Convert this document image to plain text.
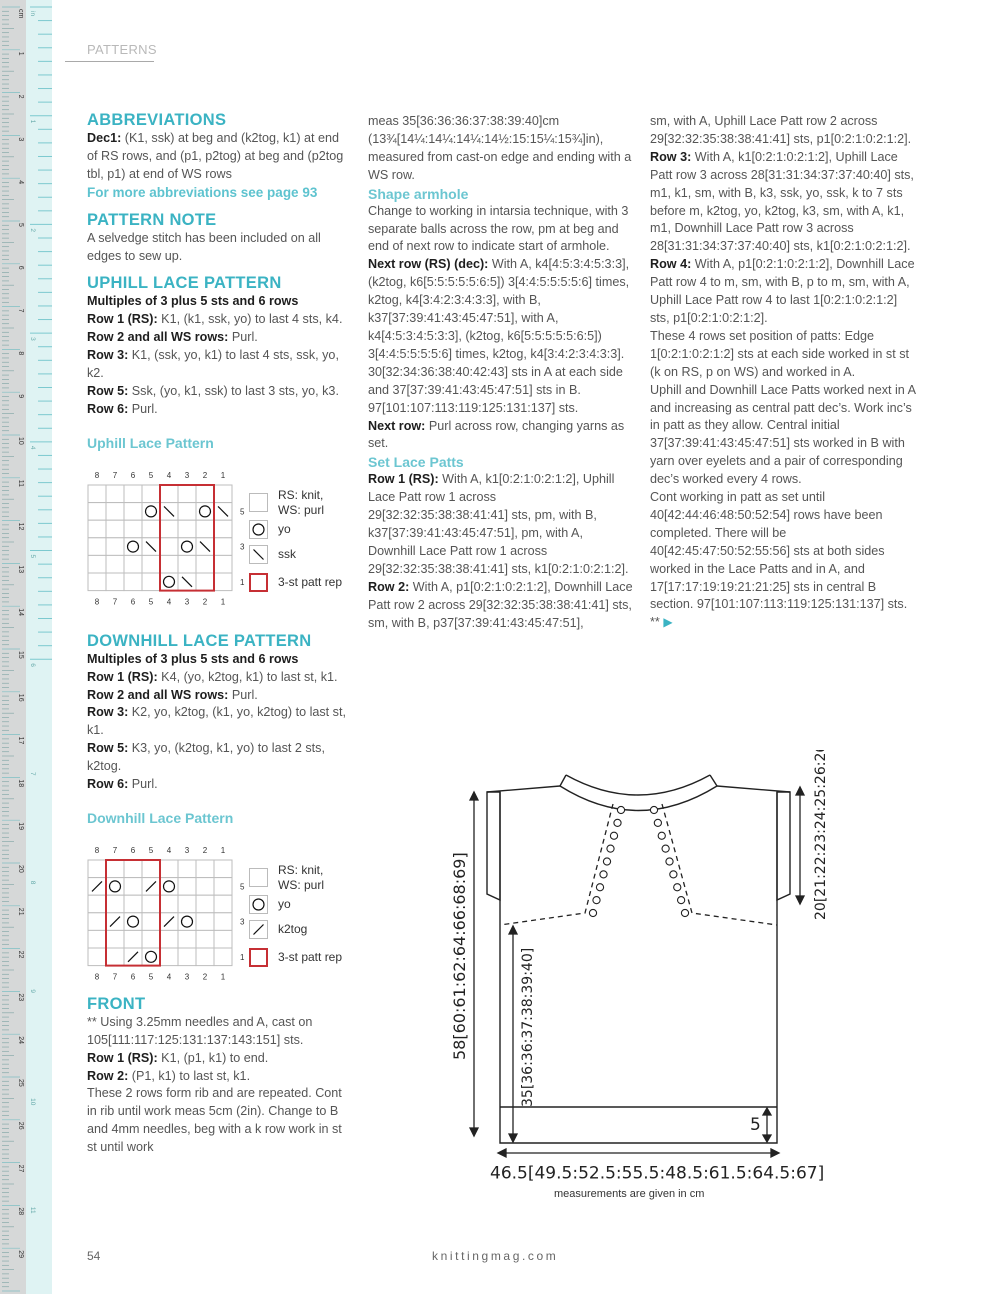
cm
1
2
3
4
5
6
7
8
9
10
11
12
13
14
15
16
17
18
19
20
21
22
23
24
25
26
27
28
29
in
1
2
3
4
5
6
7
8
9
10
11
PATTERNS
ABBREVIATIONS
Dec1: (K1, ssk) at beg and (k2tog, k1) at end of RS rows, and (p1, p2tog) at beg and (p2tog tbl, p1) at end of WS rows
For more abbreviations see page 93
PATTERN NOTE
A selvedge stitch has been included on all edges to sew up.
UPHILL LACE PATTERN
Multiples of 3 plus 5 sts and 6 rows
Row 1 (RS): K1, (k1, ssk, yo) to last 4 sts, k4.
Row 2 and all WS rows: Purl.
Row 3: K1, (ssk, yo, k1) to last 4 sts, ssk, yo, k2.
Row 5: Ssk, (yo, k1, ssk) to last 3 sts, yo, k3.
Row 6: Purl.
Uphill Lace Pattern
8
8
7
7
6
6
5
5
4
4
3
3
2
2
1
1
1
3
5
RS: knit,
WS: purl
yo
ssk
3-st patt rep
DOWNHILL LACE PATTERN
Multiples of 3 plus 5 sts and 6 rows
Row 1 (RS): K4, (yo, k2tog, k1) to last st, k1.
Row 2 and all WS rows: Purl.
Row 3: K2, yo, k2tog, (k1, yo, k2tog) to last st, k1.
Row 5: K3, yo, (k2tog, k1, yo) to last 2 sts, k2tog.
Row 6: Purl.
Downhill Lace Pattern
8
8
7
7
6
6
5
5
4
4
3
3
2
2
1
1
1
3
5
RS: knit,
WS: purl
yo
k2tog
3-st patt rep
FRONT
** Using 3.25mm needles and A, cast on 105[111:117:125:131:137:143:151] sts.
Row 1 (RS): K1, (p1, k1) to end.
Row 2: (P1, k1) to last st, k1.
These 2 rows form rib and are repeated. Cont in rib until work meas 5cm (2in). Change to B and 4mm needles, beg with a k row work in st st until work
meas 35[36:36:36:37:38:39:40]cm (13¾[14¼:14¼:14¼:14½:15:15¼:15¾]in), measured from cast-on edge and ending with a WS row.
Shape armhole
Change to working in intarsia technique, with 3 separate balls across the row, pm at beg and end of next row to indicate start of armhole.
Next row (RS) (dec): With A, k4[4:5:3:4:5:3:3], (k2tog, k6[5:5:5:5:5:6:5]) 3[4:4:5:5:5:5:6] times, k2tog, k4[3:4:2:3:4:3:3], with B, k37[37:39:41:43:45:47:51], with A, k4[4:5:3:4:5:3:3], (k2tog, k6[5:5:5:5:5:6:5]) 3[4:4:5:5:5:5:6] times, k2tog, k4[3:4:2:3:4:3:3]. 30[32:34:36:38:40:42:43] sts in A at each side and 37[37:39:41:43:45:47:51] sts in B. 97[101:107:113:119:125:131:137] sts.
Next row: Purl across row, changing yarns as set.
Set Lace Patts
Row 1 (RS): With A, k1[0:2:1:0:2:1:2], Uphill Lace Patt row 1 across 29[32:32:35:38:38:41:41] sts, pm, with B, k37[37:39:41:43:45:47:51], pm, with A, Downhill Lace Patt row 1 across 29[32:32:35:38:38:41:41] sts, k1[0:2:1:0:2:1:2].
Row 2: With A, p1[0:2:1:0:2:1:2], Downhill Lace Patt row 2 across 29[32:32:35:38:38:41:41] sts, sm, with B, p37[37:39:41:43:45:47:51],
sm, with A, Uphill Lace Patt row 2 across 29[32:32:35:38:38:41:41] sts, p1[0:2:1:0:2:1:2].
Row 3: With A, k1[0:2:1:0:2:1:2], Uphill Lace Patt row 3 across 28[31:31:34:37:37:40:40] sts, m1, k1, sm, with B, k3, ssk, yo, ssk, k to 7 sts before m, k2tog, yo, k2tog, k3, sm, with A, k1, m1, Downhill Lace Patt row 3 across 28[31:31:34:37:37:40:40] sts, k1[0:2:1:0:2:1:2].
Row 4: With A, p1[0:2:1:0:2:1:2], Downhill Lace Patt row 4 to m, sm, with B, p to m, sm, with A, Uphill Lace Patt row 4 to last 1[0:2:1:0:2:1:2] sts, p1[0:2:1:0:2:1:2].
These 4 rows set position of patts: Edge 1[0:2:1:0:2:1:2] sts at each side worked in st st (k on RS, p on WS) and worked in A.
Uphill and Downhill Lace Patts worked next in A and increasing as central patt dec’s. Work inc’s in patt as they allow. Central initial 37[37:39:41:43:45:47:51] sts worked in B with yarn over eyelets and a pair of corresponding dec’s worked every 4 rows.
Cont working in patt as set until 40[42:44:46:48:50:52:54] rows have been completed. There will be 40[42:45:47:50:52:55:56] sts at both sides worked in the Lace Patts and in A, and 17[17:17:19:19:21:21:25] sts in central B section. 97[101:107:113:119:125:131:137] sts. ** ▶
58[60:61:62:64:66:68:69]	35[36:36:37:38:39:40]
20[21:22:23:24:25:26:26]
5
46.5[49.5:52.5:55.5:48.5:61.5:64.5:67]
measurements are given in cm
54	knittingmag.com
